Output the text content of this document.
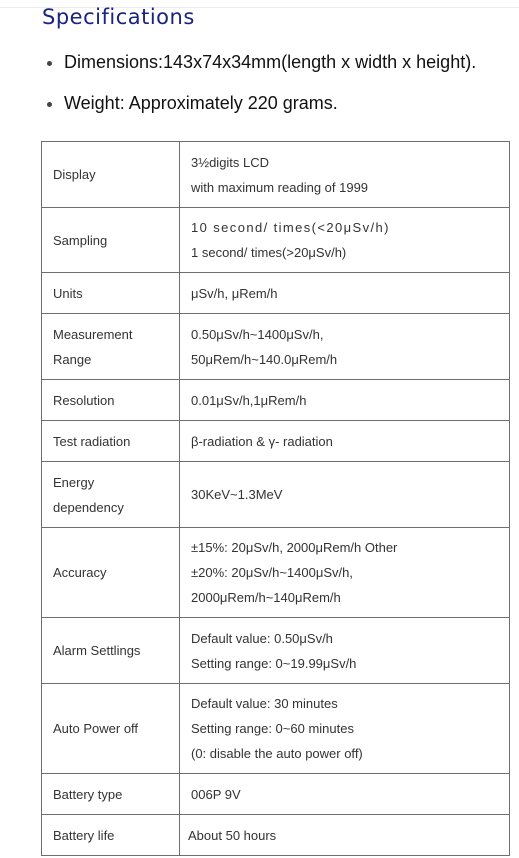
Specifications
Dimensions:143x74x34mm(length x width x height).
Weight: Approximately 220 grams.
Display	3½digits LCD
with maximum reading of 1999

Sampling	10 second/ times(<20μSv/h)
1 second/ times(>20μSv/h)

Units	μSv/h, μRem/h

Measurement
Range	0.50μSv/h~1400μSv/h,
50μRem/h~140.0μRem/h

Resolution	0.01μSv/h,1μRem/h

Test radiation	β-radiation & γ- radiation

Energy
dependency	30KeV~1.3MeV

Accuracy	±15%: 20μSv/h, 2000μRem/h Other
±20%: 20μSv/h~1400μSv/h,
2000μRem/h~140μRem/h

Alarm Settlings	Default value: 0.50μSv/h
Setting range: 0~19.99μSv/h

Auto Power off	Default value: 30 minutes
Setting range: 0~60 minutes
(0: disable the auto power off)

Battery type	006P 9V

Battery life	About 50 hours
